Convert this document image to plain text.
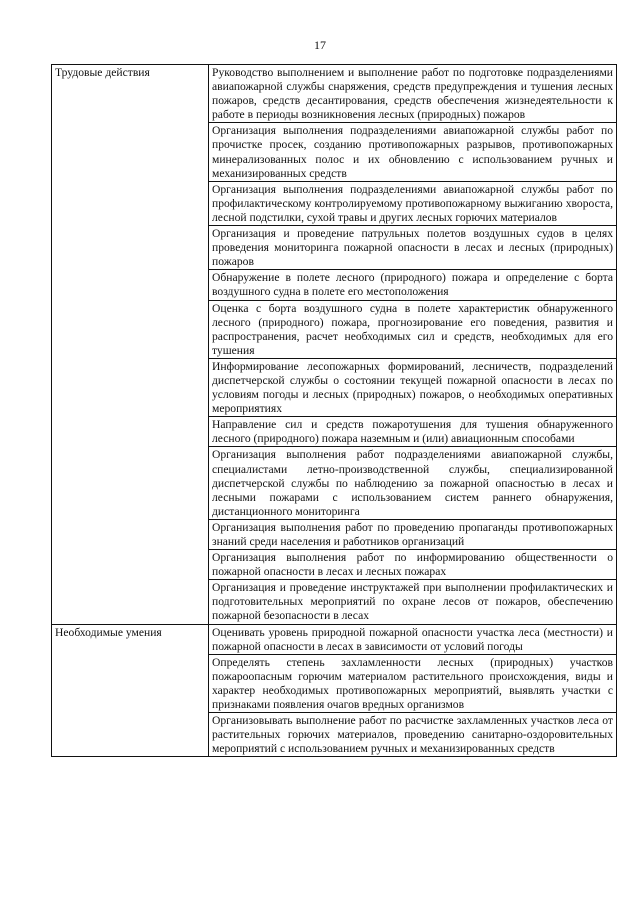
17
Трудовые действия	Руководство выполнением и выполнение работ по подготовке подразделениями авиапожарной службы снаряжения, средств предупреждения и тушения лесных пожаров, средств десантирования, средств обеспечения жизнедеятельности к работе в периоды возникновения лесных (природных) пожаров
	Организация выполнения подразделениями авиапожарной службы работ по прочистке просек, созданию противопожарных разрывов, противопожарных минерализованных полос и их обновлению с использованием ручных и механизированных средств
	Организация выполнения подразделениями авиапожарной службы работ по профилактическому контролируемому противопожарному выжиганию хвороста, лесной подстилки, сухой травы и других лесных горючих материалов
	Организация и проведение патрульных полетов воздушных судов в целях проведения мониторинга пожарной опасности в лесах и лесных (природных) пожаров
	Обнаружение в полете лесного (природного) пожара и определение с борта воздушного судна в полете его местоположения
	Оценка с борта воздушного судна в полете характеристик обнаруженного лесного (природного) пожара, прогнозирование его поведения, развития и распространения, расчет необходимых сил и средств, необходимых для его тушения
	Информирование лесопожарных формирований, лесничеств, подразделений диспетчерской службы о состоянии текущей пожарной опасности в лесах по условиям погоды и лесных (природных) пожаров, о необходимых оперативных мероприятиях
	Направление сил и средств пожаротушения для тушения обнаруженного лесного (природного) пожара наземным и (или) авиационным способами
	Организация выполнения работ подразделениями авиапожарной службы, специалистами летно-производственной службы, специализированной диспетчерской службы по наблюдению за пожарной опасностью в лесах и лесными пожарами с использованием систем раннего обнаружения, дистанционного мониторинга
	Организация выполнения работ по проведению пропаганды противопожарных знаний среди населения и работников организаций
	Организация выполнения работ по информированию общественности о пожарной опасности в лесах и лесных пожарах
	Организация и проведение инструктажей при выполнении профилактических и подготовительных мероприятий по охране лесов от пожаров, обеспечению пожарной безопасности в лесах
Необходимые умения	Оценивать уровень природной пожарной опасности участка леса (местности) и пожарной опасности в лесах в зависимости от условий погоды
	Определять степень захламленности лесных (природных) участков пожароопасным горючим материалом растительного происхождения, виды и характер необходимых противопожарных мероприятий, выявлять участки с признаками появления очагов вредных организмов
	Организовывать выполнение работ по расчистке захламленных участков леса от растительных горючих материалов, проведению санитарно-оздоровительных мероприятий с использованием ручных и механизированных средств
